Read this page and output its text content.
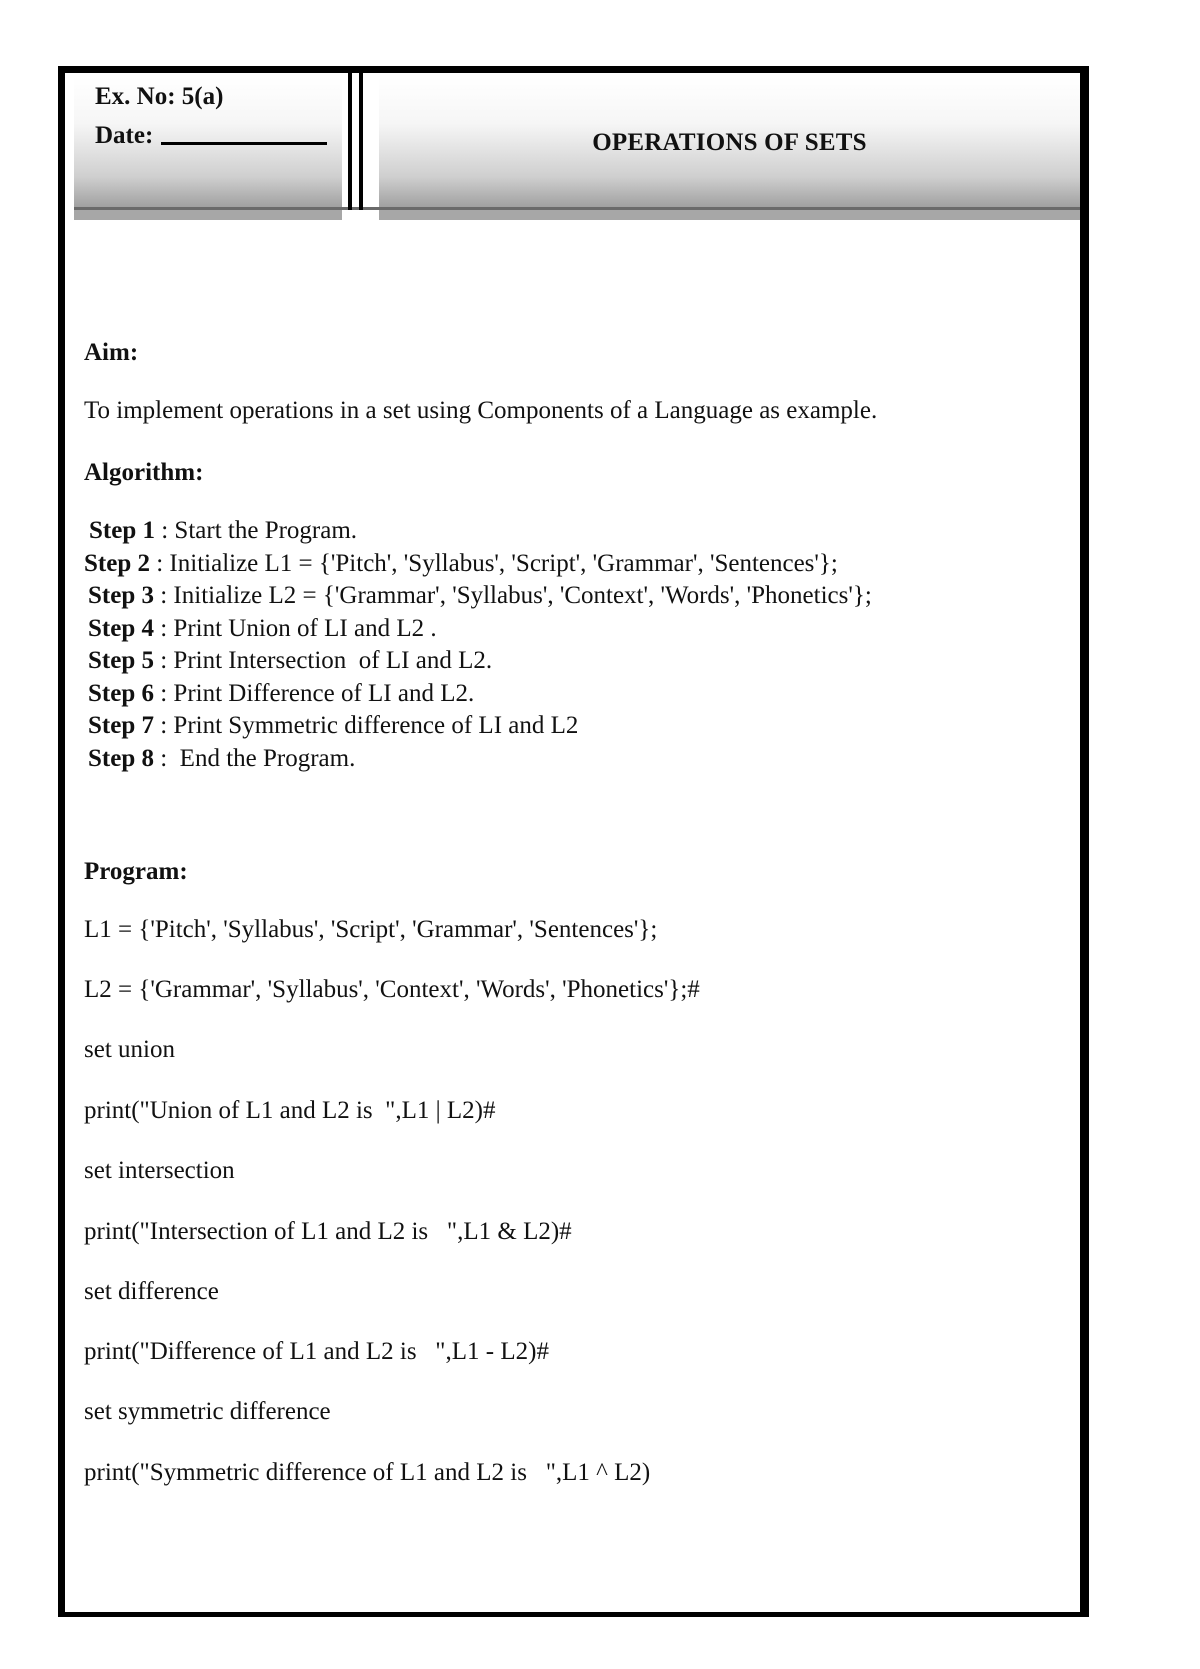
Ex. No: 5(a)
Date:	OPERATIONS OF SETS

Aim:

To implement operations in a set using Components of a Language as example.

Algorithm:

Step 1 : Start the Program.
Step 2 : Initialize L1 = {'Pitch', 'Syllabus', 'Script', 'Grammar', 'Sentences'};
Step 3 : Initialize L2 = {'Grammar', 'Syllabus', 'Context', 'Words', 'Phonetics'};
Step 4 : Print Union of LI and L2 .
Step 5 : Print Intersection  of LI and L2.
Step 6 : Print Difference of LI and L2.
Step 7 : Print Symmetric difference of LI and L2
Step 8 :  End the Program.

Program:

L1 = {'Pitch', 'Syllabus', 'Script', 'Grammar', 'Sentences'};

L2 = {'Grammar', 'Syllabus', 'Context', 'Words', 'Phonetics'};#

set union

print("Union of L1 and L2 is  ",L1 | L2)#

set intersection

print("Intersection of L1 and L2 is   ",L1 & L2)#

set difference

print("Difference of L1 and L2 is   ",L1 - L2)#

set symmetric difference

print("Symmetric difference of L1 and L2 is   ",L1 ^ L2)
